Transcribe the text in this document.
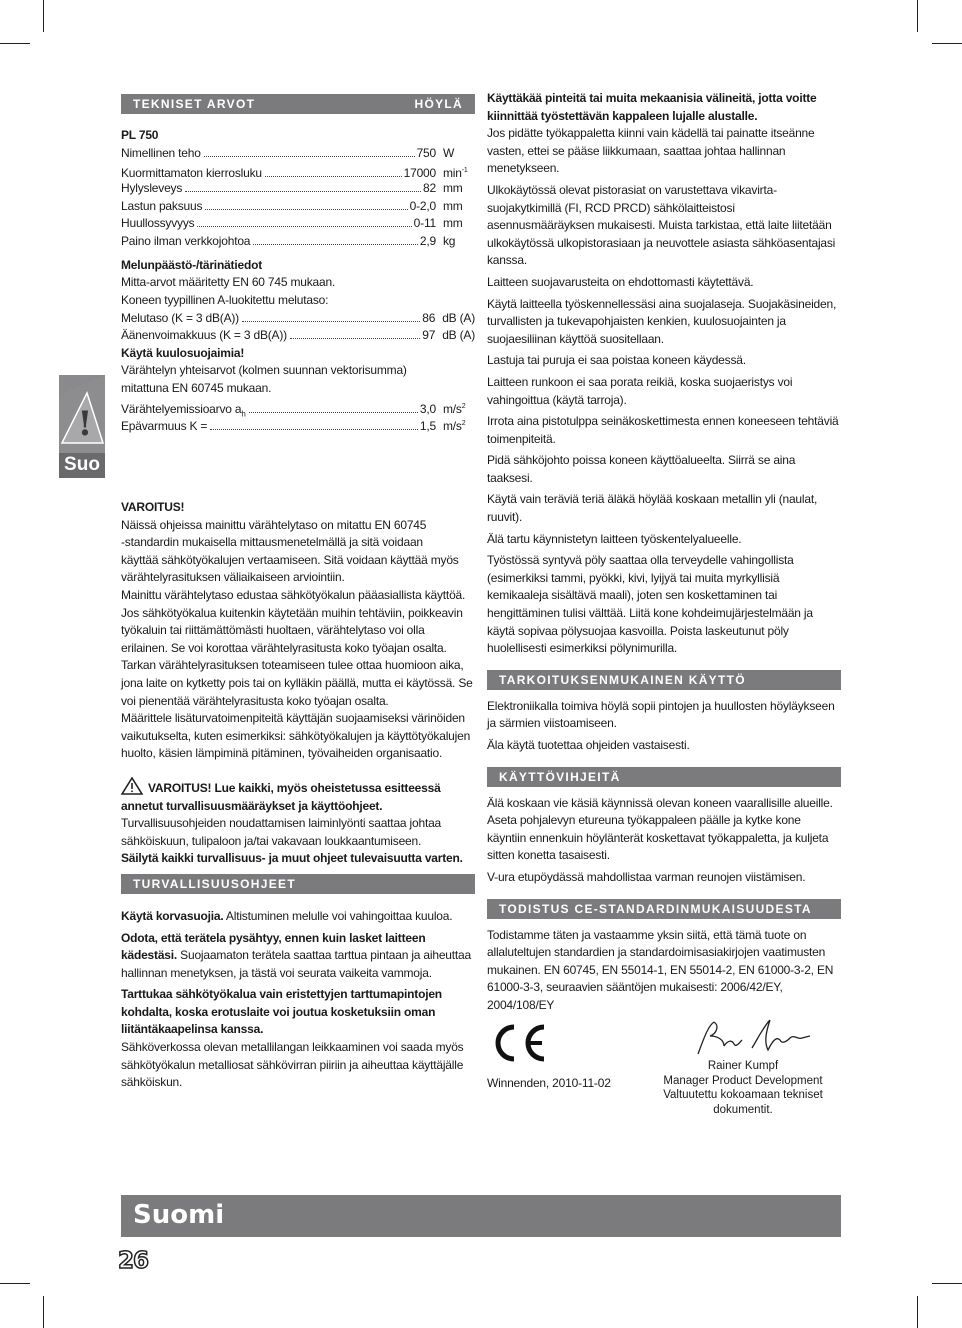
!
Suo
TEKNISET ARVOT	HÖYLÄ
PL 750
Nimellinen teho	750 W
Kuormittamaton kierrosluku	17000 $\min^{-1}$
Hylysleveys	82 mm
Lastun paksuus	0-2,0 mm
Huullossyvyys	0-11 mm
Paino ilman verkkojohtoa	2,9 kg
Melunpäästö-/tärinätiedot
Mitta-arvot määritetty EN 60 745 mukaan.
Koneen tyypillinen A-luokitettu melutaso:
Melutaso (K = 3 dB(A))	86 dB (A)
Äänenvoimakkuus (K = 3 dB(A))	97 dB (A)
Käytä kuulosuojaimia!
Värähtelyn yhteisarvot (kolmen suunnan vektorisumma)
mitattuna EN 60745 mukaan.
Värähtelyemissioarvo $a_h$	3,0 $m/s^2$
Epävarmuus K =	1,5 $m/s^2$
VAROITUS!
Näissä ohjeissa mainittu värähtelytaso on mitattu EN 60745
-standardin mukaisella mittausmenetelmällä ja sitä voidaan
käyttää sähkötyökalujen vertaamiseen. Sitä voidaan käyttää myös
värähtelyrasituksen väliaikaiseen arviointiin.
Mainittu värähtelytaso edustaa sähkötyökalun pääasiallista käyttöä.
Jos sähkötyökalua kuitenkin käytetään muihin tehtäviin, poikkeavin
työkaluin tai riittämättömästi huoltaen, värähtelytaso voi olla
erilainen. Se voi korottaa värähtelyrasitusta koko työajan osalta.
Tarkan värähtelyrasituksen toteamiseen tulee ottaa huomioon aika,
jona laite on kytketty pois tai on kylläkin päällä, mutta ei käytössä. Se
voi pienentää värähtelyrasitusta koko työajan osalta.
Määrittele lisäturvatoimenpiteitä käyttäjän suojaamiseksi värinöiden
vaikutukselta, kuten esimerkiksi: sähkötyökalujen ja käyttötyökalujen
huolto, käsien lämpiminä pitäminen, työvaiheiden organisaatio.

VAROITUS! Lue kaikki, myös oheistetussa esitteessä annetut turvallisuusmääräykset ja käyttöohjeet.
Turvallisuusohjeiden noudattamisen laiminlyönti saattaa johtaa sähköiskuun, tulipaloon ja/tai vakavaan loukkaantumiseen.
Säilytä kaikki turvallisuus- ja muut ohjeet tulevaisuutta varten.

TURVALLISUUSOHJEET

Käytä korvasuojia. Altistuminen melulle voi vahingoittaa kuuloa.

Odota, että terätela pysähtyy, ennen kuin lasket laitteen kädestäsi. Suojaamaton terätela saattaa tarttua pintaan ja aiheuttaa hallinnan menetyksen, ja tästä voi seurata vaikeita vammoja.

Tarttukaa sähkötyökalua vain eristettyjen tarttumapintojen kohdalta, koska erotuslaite voi joutua kosketuksiin oman liitäntäkaapelinsa kanssa.
Sähköverkossa olevan metallilangan leikkaaminen voi saada myös sähkötyökalun metalliosat sähkövirran piiriin ja aiheuttaa käyttäjälle sähköiskun.

Käyttäkää pinteitä tai muita mekaanisia välineitä, jotta voitte kiinnittää työstettävän kappaleen lujalle alustalle.
Jos pidätte työkappaletta kiinni vain kädellä tai painatte itseänne vasten, ettei se pääse liikkumaan, saattaa johtaa hallinnan menetykseen.

Ulkokäytössä olevat pistorasiat on varustettava vikavirta-suojakytkimillä (FI, RCD PRCD) sähkölaitteistosi asennusmääräyksen mukaisesti. Muista tarkistaa, että laite liitetään ulkokäytössä ulkopistorasiaan ja neuvottele asiasta sähköasentajasi kanssa.

Laitteen suojavarusteita on ehdottomasti käytettävä.

Käytä laitteella työskennellessäsi aina suojalaseja. Suojakäsineiden, turvallisten ja tukevapohjaisten kenkien, kuulosuojainten ja suojaesiliinan käyttöä suositellaan.

Lastuja tai puruja ei saa poistaa koneen käydessä.

Laitteen runkoon ei saa porata reikiä, koska suojaeristys voi vahingoittua (käytä tarroja).

Irrota aina pistotulppa seinäkoskettimesta ennen koneeseen tehtäviä toimenpiteitä.

Pidä sähköjohto poissa koneen käyttöalueelta. Siirrä se aina taaksesi.

Käytä vain teräviä teriä äläkä höylää koskaan metallin yli (naulat, ruuvit).

Älä tartu käynnistetyn laitteen työskentelyalueelle.

Työstössä syntyvä pöly saattaa olla terveydelle vahingollista (esimerkiksi tammi, pyökki, kivi, lyijyä tai muita myrkyllisiä kemikaaleja sisältävä maali), joten sen koskettaminen tai hengittäminen tulisi välttää. Liitä kone kohdeimujärjestelmään ja käytä sopivaa pölysuojaa kasvoilla. Poista laskeutunut pöly huolellisesti esimerkiksi pölynimurilla.

TARKOITUKSENMUKAINEN KÄYTTÖ

Elektroniikalla toimiva höylä sopii pintojen ja huullosten höyläykseen ja särmien viistoamiseen.

Äla käytä tuotettaa ohjeiden vastaisesti.

KÄYTTÖVIHJEITÄ

Älä koskaan vie käsiä käynnissä olevan koneen vaarallisille alueille. Aseta pohjalevyn etureuna työkappaleen päälle ja kytke kone käyntiin ennenkuin höylänterät koskettavat työkappaletta, ja kuljeta sitten konetta tasaisesti.

V-ura etupöydässä mahdollistaa varman reunojen viistämisen.

TODISTUS CE-STANDARDINMUKAISUUDESTA

Todistamme täten ja vastaamme yksin siitä, että tämä tuote on allaluteltujen standardien ja standardoimisasiakirjojen vaatimusten mukainen. EN 60745, EN 55014-1, EN 55014-2, EN 61000-3-2, EN 61000-3-3, seuraavien sääntöjen mukaisesti: 2006/42/EY, 2004/108/EY

Winnenden, 2010-11-02
Rainer Kumpf
Manager Product Development
Valtuutettu kokoamaan tekniset dokumentit.
Suomi
26
